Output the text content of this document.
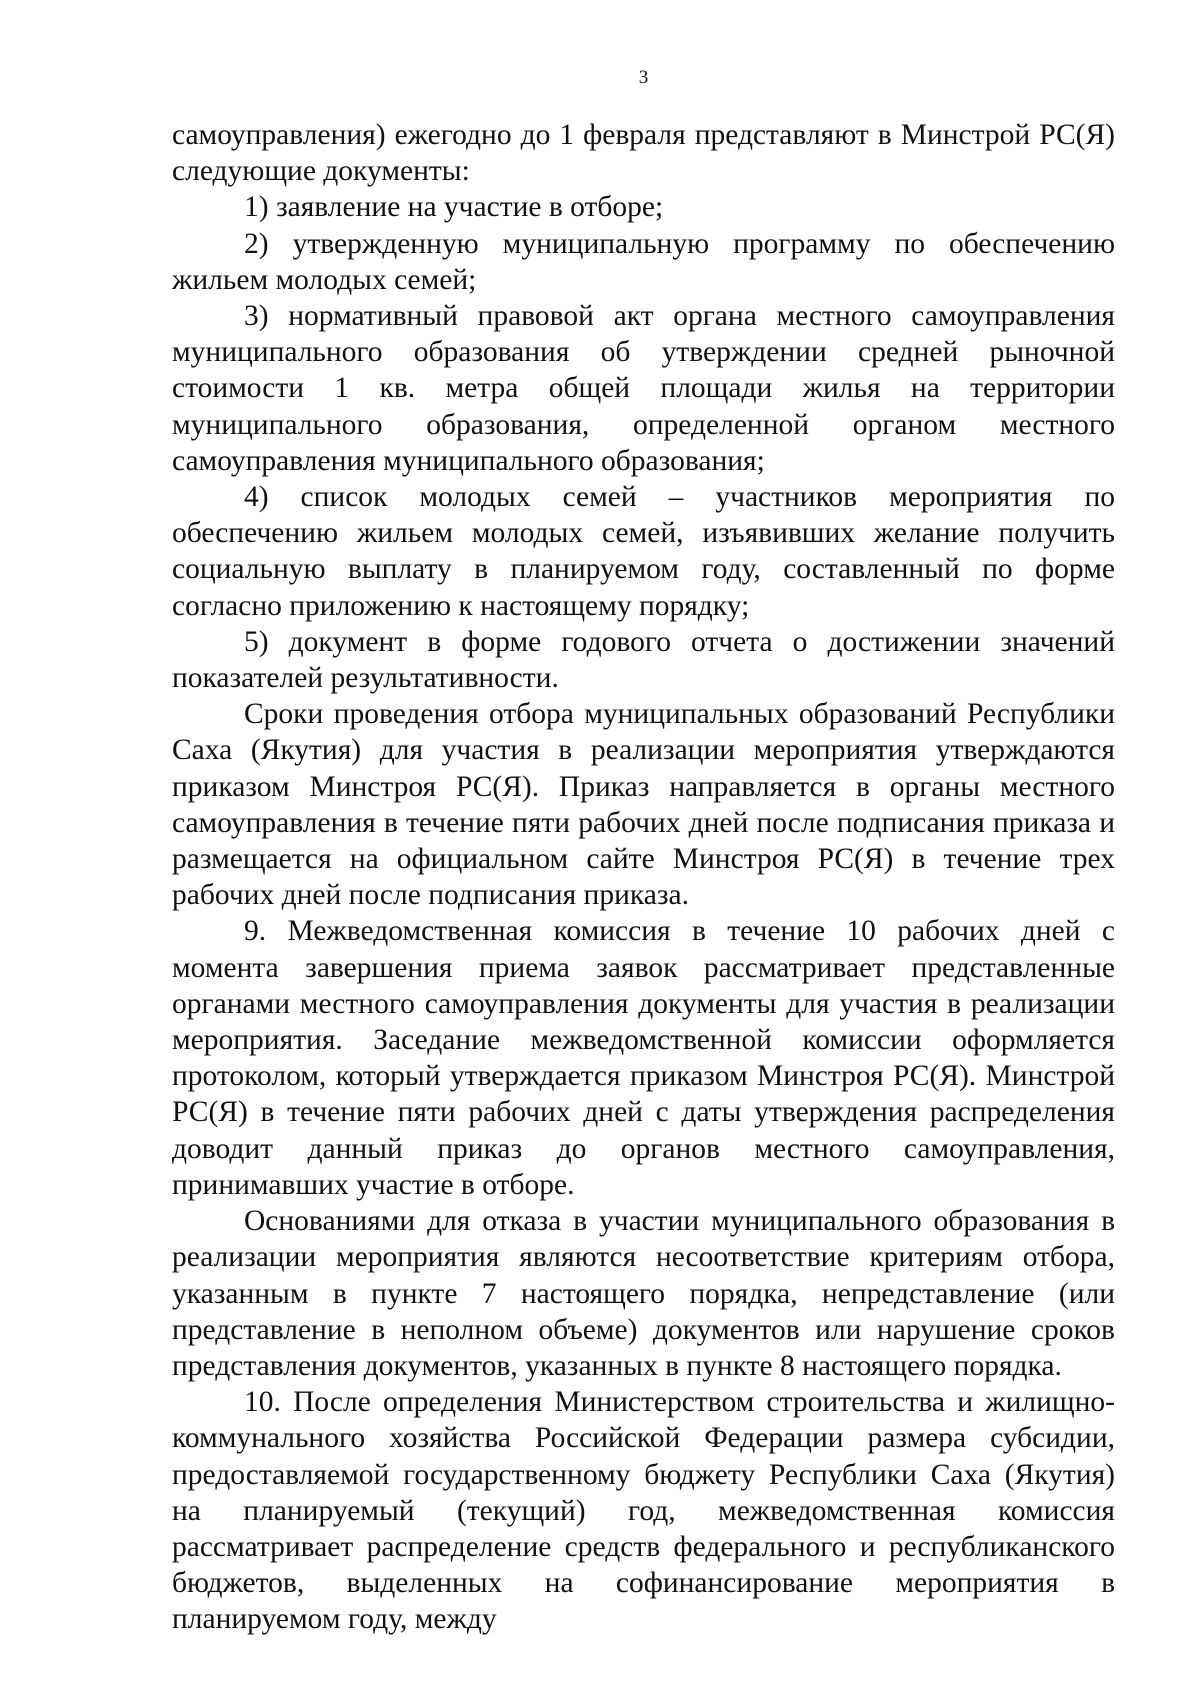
3

самоуправления) ежегодно до 1 февраля представляют в Минстрой РС(Я) следующие документы:

1) заявление на участие в отборе;

2) утвержденную муниципальную программу по обеспечению жильем молодых семей;

3) нормативный правовой акт органа местного самоуправления муниципального образования об утверждении средней рыночной стоимости 1 кв. метра общей площади жилья на территории муниципального образования, определенной органом местного самоуправления муниципального образования;

4) список молодых семей – участников мероприятия по обеспечению жильем молодых семей, изъявивших желание получить социальную выплату в планируемом году, составленный по форме согласно приложению к настоящему порядку;

5) документ в форме годового отчета о достижении значений показателей результативности.

Сроки проведения отбора муниципальных образований Республики Саха (Якутия) для участия в реализации мероприятия утверждаются приказом Минстроя РС(Я). Приказ направляется в органы местного самоуправления в течение пяти рабочих дней после подписания приказа и размещается на официальном сайте Минстроя РС(Я) в течение трех рабочих дней после подписания приказа.

9. Межведомственная комиссия в течение 10 рабочих дней с момента завершения приема заявок рассматривает представленные органами местного самоуправления документы для участия в реализации мероприятия. Заседание межведомственной комиссии оформляется протоколом, который утверждается приказом Минстроя РС(Я). Минстрой РС(Я) в течение пяти рабочих дней с даты утверждения распределения доводит данный приказ до органов местного самоуправления, принимавших участие в отборе.

Основаниями для отказа в участии муниципального образования в реализации мероприятия являются несоответствие критериям отбора, указанным в пункте 7 настоящего порядка, непредставление (или представление в неполном объеме) документов или нарушение сроков представления документов, указанных в пункте 8 настоящего порядка.

10. После определения Министерством строительства и жилищно-коммунального хозяйства Российской Федерации размера субсидии, предоставляемой государственному бюджету Республики Саха (Якутия) на планируемый (текущий) год, межведомственная комиссия рассматривает распределение средств федерального и республиканского бюджетов, выделенных на софинансирование мероприятия в планируемом году, между
